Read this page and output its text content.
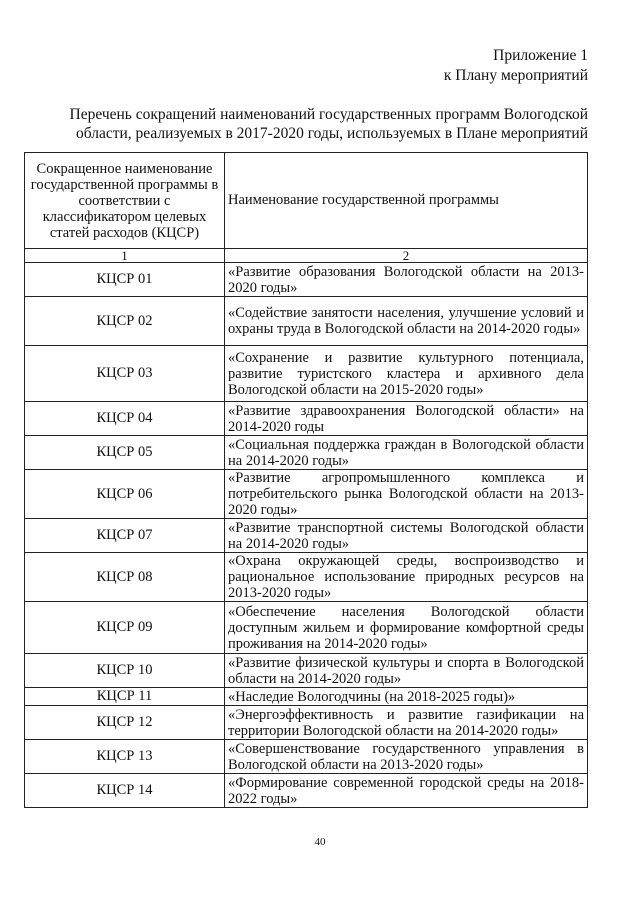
Приложение 1
к Плану мероприятий
Перечень сокращений наименований государственных программ Вологодской
области, реализуемых в 2017-2020 годы, используемых в Плане мероприятий
Сокращенное наименование государственной программы в соответствии с классификатором целевых статей расходов (КЦСР)	Наименование государственной программы
1	2
КЦСР 01	«Развитие образования Вологодской области на 2013-2020 годы»
КЦСР 02	«Содействие занятости населения, улучшение условий и охраны труда в Вологодской области на 2014-2020 годы»
КЦСР 03	«Сохранение и развитие культурного потенциала, развитие туристского кластера и архивного дела Вологодской области на 2015-2020 годы»
КЦСР 04	«Развитие здравоохранения Вологодской области» на 2014-2020 годы
КЦСР 05	«Социальная поддержка граждан в Вологодской области на 2014-2020 годы»
КЦСР 06	«Развитие агропромышленного комплекса и потребительского рынка Вологодской области на 2013-2020 годы»
КЦСР 07	«Развитие транспортной системы Вологодской области на 2014-2020 годы»
КЦСР 08	«Охрана окружающей среды, воспроизводство и рациональное использование природных ресурсов на 2013-2020 годы»
КЦСР 09	«Обеспечение населения Вологодской области доступным жильем и формирование комфортной среды проживания на 2014-2020 годы»
КЦСР 10	«Развитие физической культуры и спорта в Вологодской области на 2014-2020 годы»
КЦСР 11	«Наследие Вологодчины (на 2018-2025 годы)»
КЦСР 12	«Энергоэффективность и развитие газификации на территории Вологодской области на 2014-2020 годы»
КЦСР 13	«Совершенствование государственного управления в Вологодской области на 2013-2020 годы»
КЦСР 14	«Формирование современной городской среды на 2018-2022 годы»
40
